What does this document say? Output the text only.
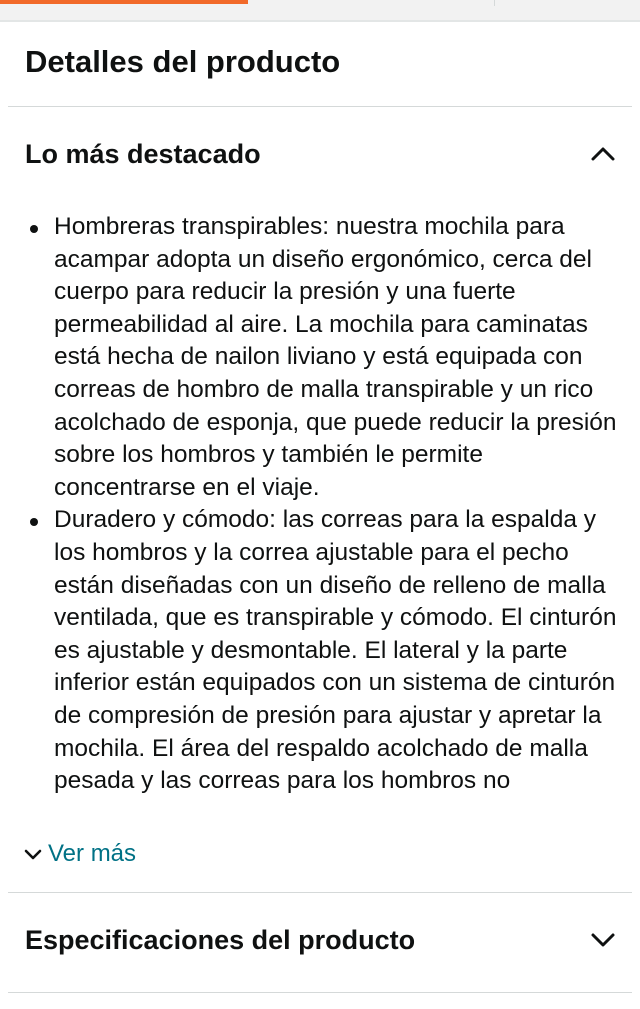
Detalles del producto
Lo más destacado
Hombreras transpirables: nuestra mochila para acampar adopta un diseño ergonómico, cerca del cuerpo para reducir la presión y una fuerte permeabilidad al aire. La mochila para caminatas está hecha de nailon liviano y está equipada con correas de hombro de malla transpirable y un rico acolchado de esponja, que puede reducir la presión sobre los hombros y también le permite concentrarse en el viaje.
Duradero y cómodo: las correas para la espalda y los hombros y la correa ajustable para el pecho están diseñadas con un diseño de relleno de malla ventilada, que es transpirable y cómodo. El cinturón es ajustable y desmontable. El lateral y la parte inferior están equipados con un sistema de cinturón de compresión de presión para ajustar y apretar la mochila. El área del respaldo acolchado de malla pesada y las correas para los hombros no
Ver más
Especificaciones del producto
